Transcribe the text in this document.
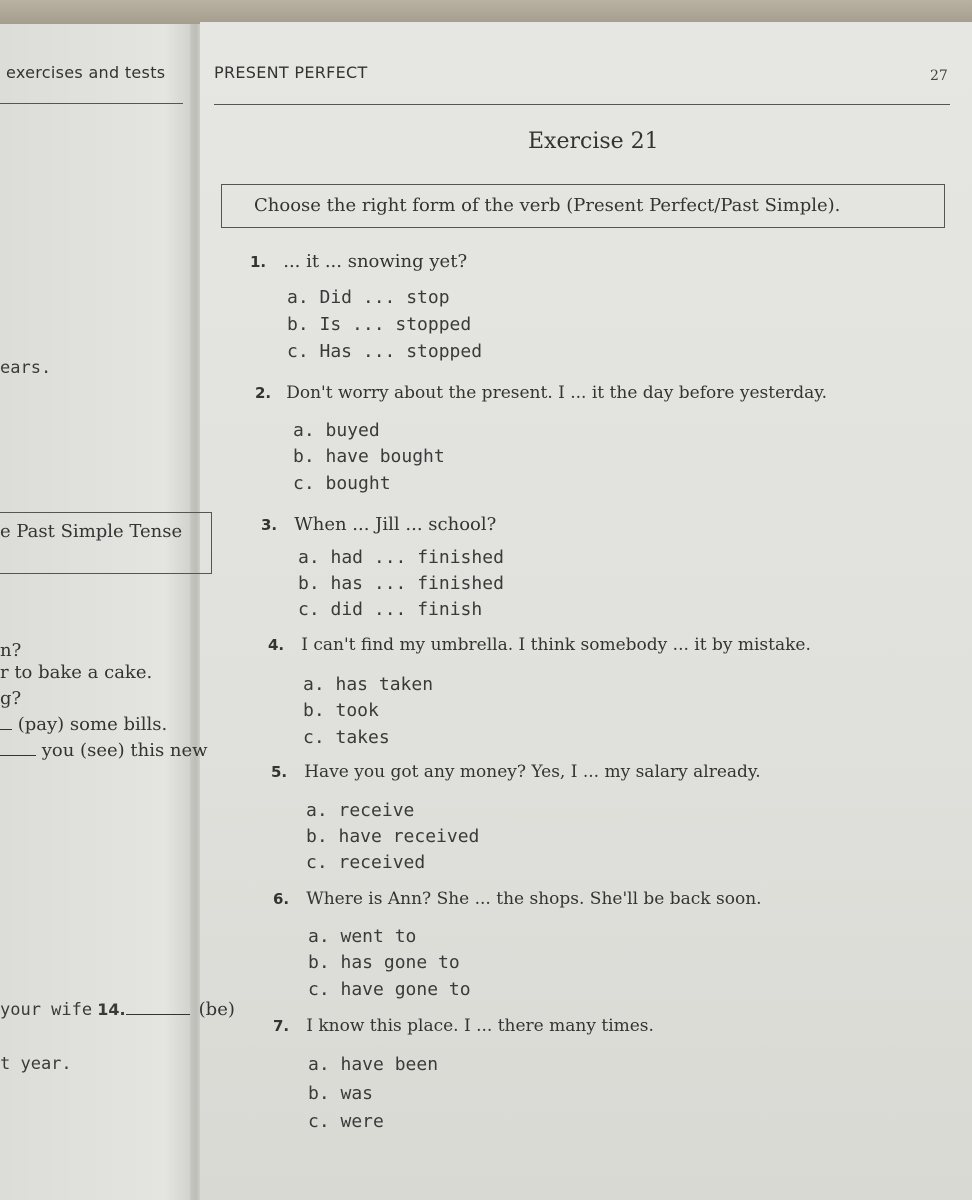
exercises and tests
ears.
e Past Simple Tense
n?
r to bake a cake.
g?
(pay) some bills.
you (see) this new
your wife 14.	(be)
t year.
PRESENT PERFECT	27
Exercise 21
Choose the right form of the verb (Present Perfect/Past Simple).
1. ... it ... snowing yet?
a. Did ... stop
b. Is ... stopped
c. Has ... stopped
2. Don't worry about the present. I ... it the day before yesterday.
a. buyed
b. have bought
c. bought
3. When ... Jill ... school?
a. had ... finished
b. has ... finished
c. did ... finish
4. I can't find my umbrella. I think somebody ... it by mistake.
a. has taken
b. took
c. takes
5. Have you got any money? Yes, I ... my salary already.
a. receive
b. have received
c. received
6. Where is Ann? She ... the shops. She'll be back soon.
a. went to
b. has gone to
c. have gone to
7. I know this place. I ... there many times.
a. have been
b. was
c. were
